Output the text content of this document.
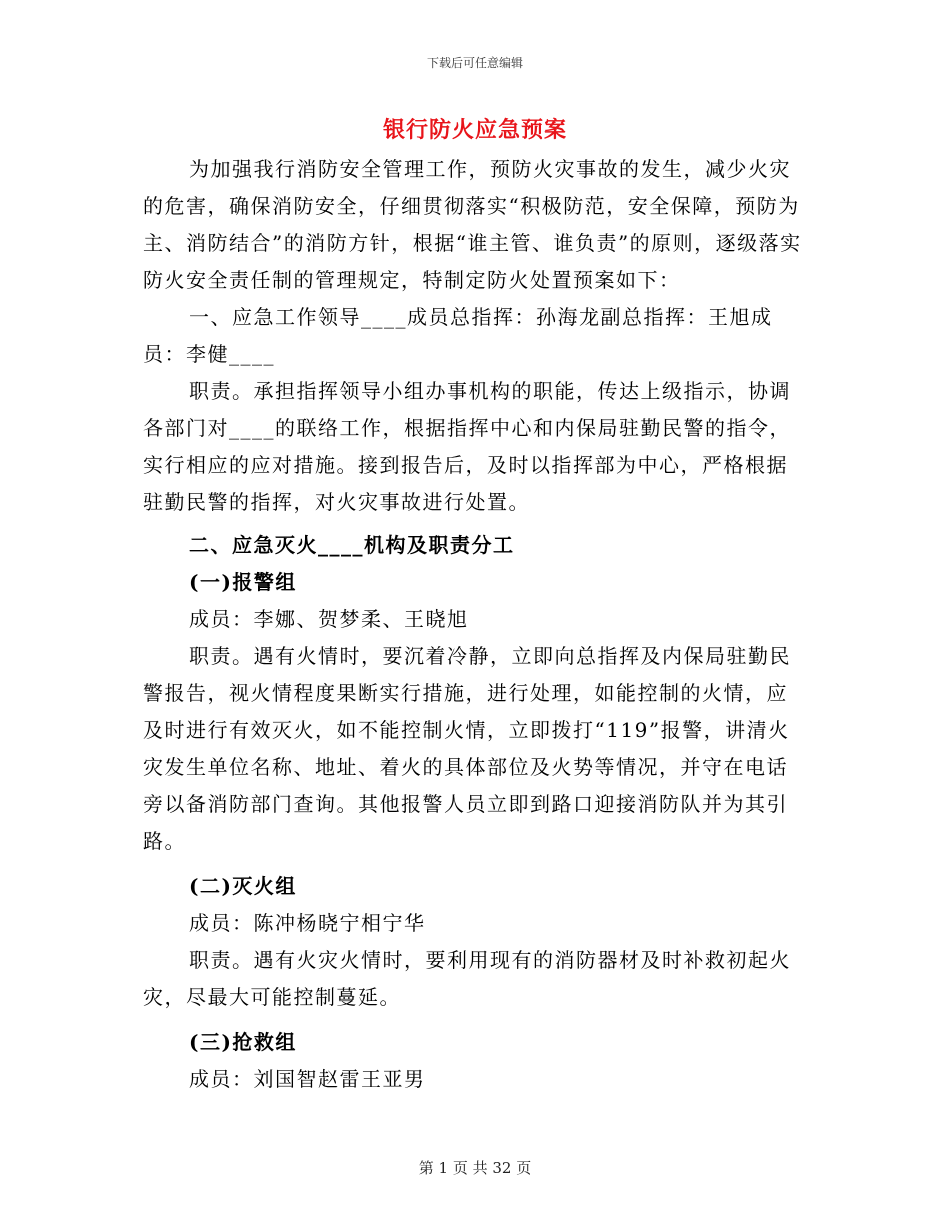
下载后可任意编辑
银行防火应急预案

为加强我行消防安全管理工作，预防火灾事故的发生，减少火灾的危害，确保消防安全，仔细贯彻落实“积极防范，安全保障，预防为主、消防结合”的消防方针，根据“谁主管、谁负责”的原则，逐级落实防火安全责任制的管理规定，特制定防火处置预案如下：

一、应急工作领导____成员总指挥：孙海龙副总指挥：王旭成员：李健____

职责。承担指挥领导小组办事机构的职能，传达上级指示，协调各部门对____的联络工作，根据指挥中心和内保局驻勤民警的指令，实行相应的应对措施。接到报告后，及时以指挥部为中心，严格根据驻勤民警的指挥，对火灾事故进行处置。

二、应急灭火____机构及职责分工

(一)报警组

成员：李娜、贺梦柔、王晓旭

职责。遇有火情时，要沉着冷静，立即向总指挥及内保局驻勤民警报告，视火情程度果断实行措施，进行处理，如能控制的火情，应及时进行有效灭火，如不能控制火情，立即拨打“119”报警，讲清火灾发生单位名称、地址、着火的具体部位及火势等情况，并守在电话旁以备消防部门查询。其他报警人员立即到路口迎接消防队并为其引路。

(二)灭火组

成员：陈冲杨晓宁相宁华

职责。遇有火灾火情时，要利用现有的消防器材及时补救初起火灾，尽最大可能控制蔓延。

(三)抢救组

成员：刘国智赵雷王亚男

第 1 页 共 32 页
